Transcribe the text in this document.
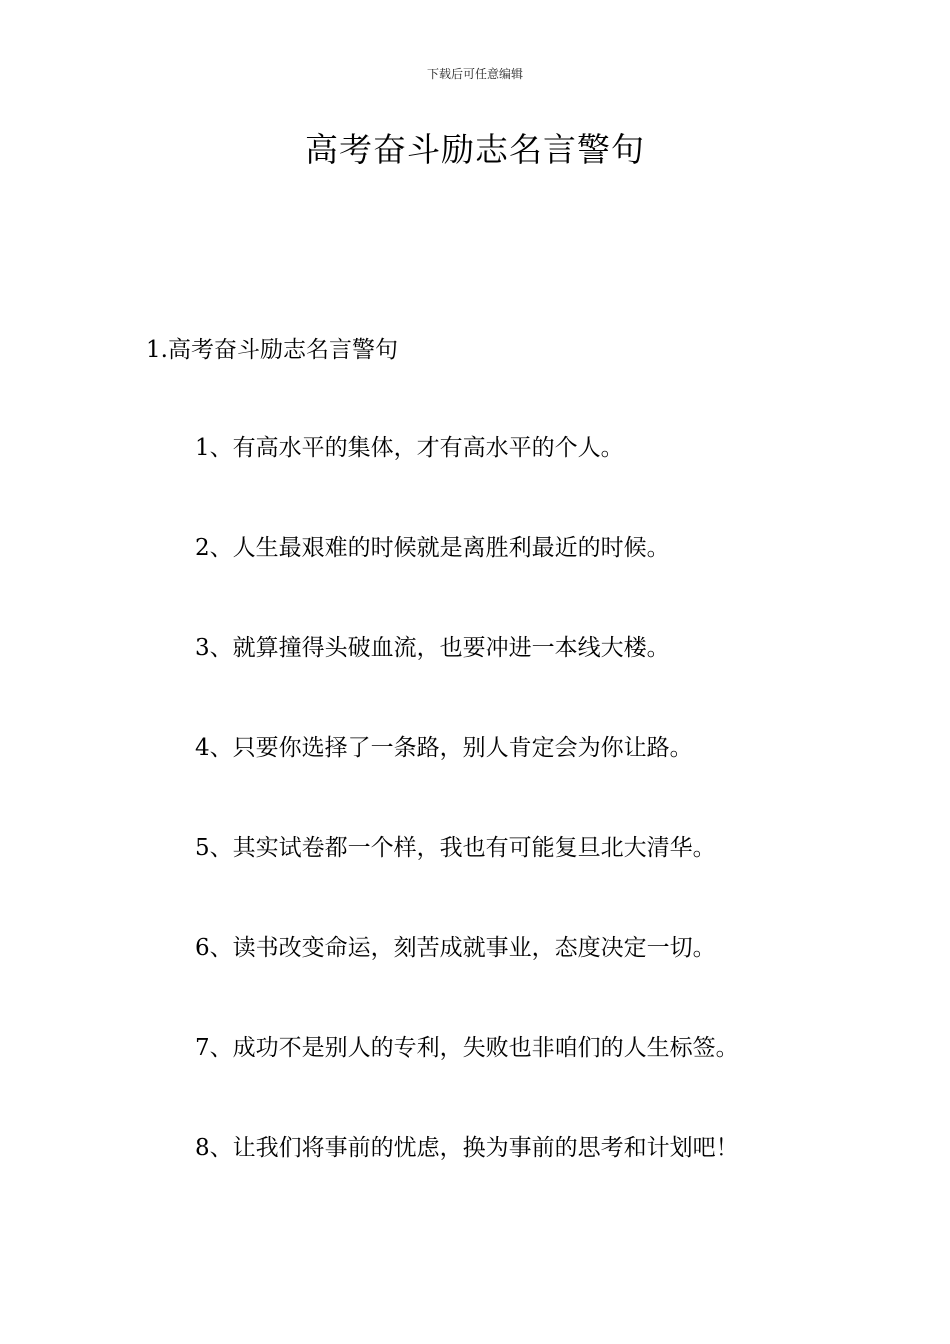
下载后可任意编辑
高考奋斗励志名言警句
1.高考奋斗励志名言警句
1、有高水平的集体，才有高水平的个人。
2、人生最艰难的时候就是离胜利最近的时候。
3、就算撞得头破血流，也要冲进一本线大楼。
4、只要你选择了一条路，别人肯定会为你让路。
5、其实试卷都一个样，我也有可能复旦北大清华。
6、读书改变命运，刻苦成就事业，态度决定一切。
7、成功不是别人的专利，失败也非咱们的人生标签。
8、让我们将事前的忧虑，换为事前的思考和计划吧！
